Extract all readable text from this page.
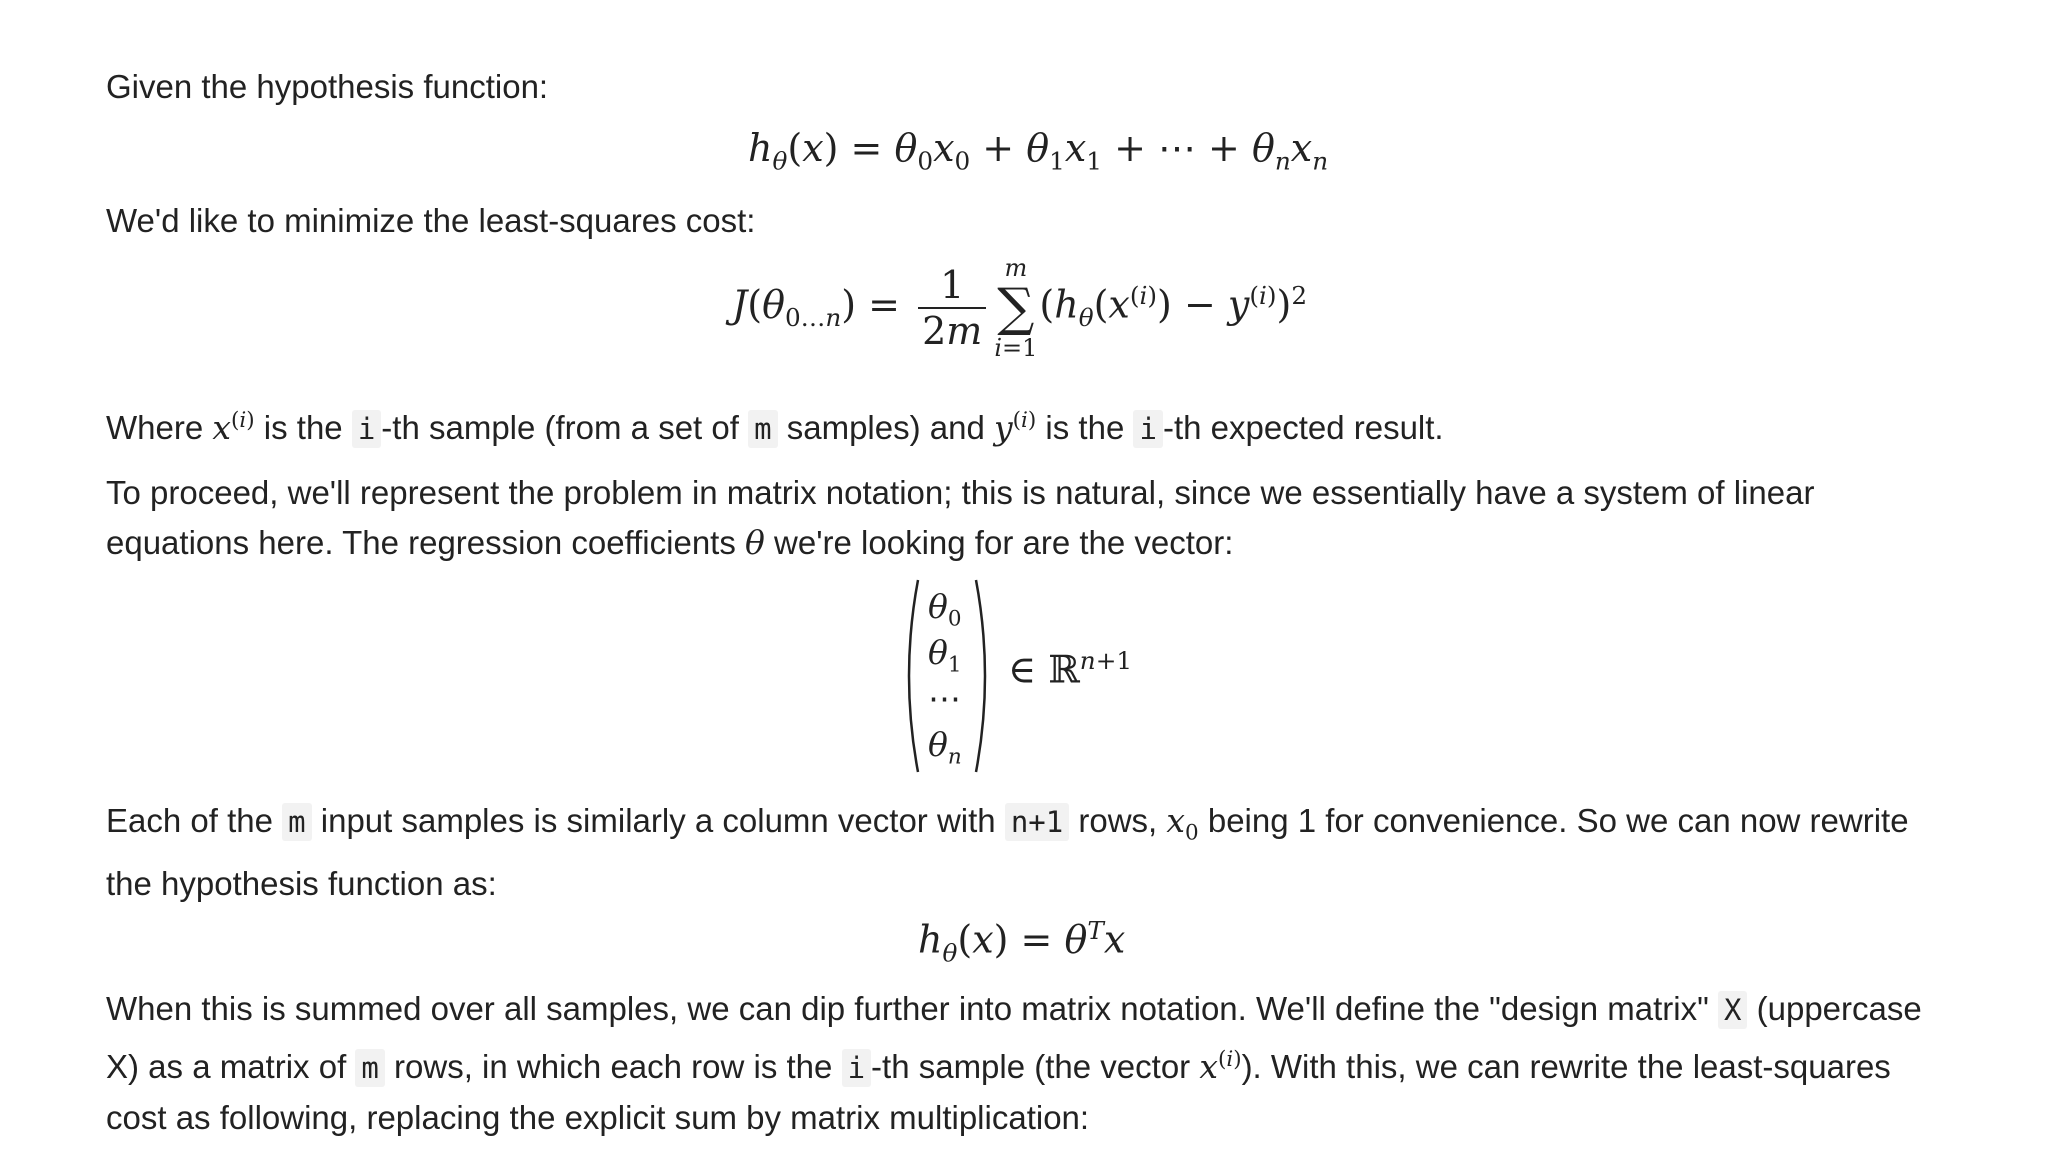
Given the hypothesis function:
$h_\theta(x) = \theta_0x_0 + \theta_1x_1$ + ⋯ + $\theta_nx_n$
We'd like to minimize the least-squares cost:
$J(\theta_{0\dots n}) = \frac{1}{2m}$ m
∑
i=1
$(h_\theta(x^{(i)}) - y^{(i)})^2$
Where $x^{(i)}$ is the i -th sample (from a set of m samples) and $y^{(i)}$ is the i -th expected result.
To proceed, we'll represent the problem in matrix notation; this is natural, since we essentially have a system of linear equations here. The regression coefficients θ we're looking for are the vector:
$\theta_0$
$\theta_1$
⋯
$\theta_n$
∈ ℝ$^{n+1}$
Each of the m input samples is similarly a column vector with n+1 rows, $x_0$ being 1 for convenience. So we can now rewrite the hypothesis function as:
$h_\theta(x) = \theta^Tx$
When this is summed over all samples, we can dip further into matrix notation. We'll define the "design matrix" X (uppercase X) as a matrix of m rows, in which each row is the i -th sample (the vector $x^{(i)}$). With this, we can rewrite the least-squares cost as following, replacing the explicit sum by matrix multiplication:
